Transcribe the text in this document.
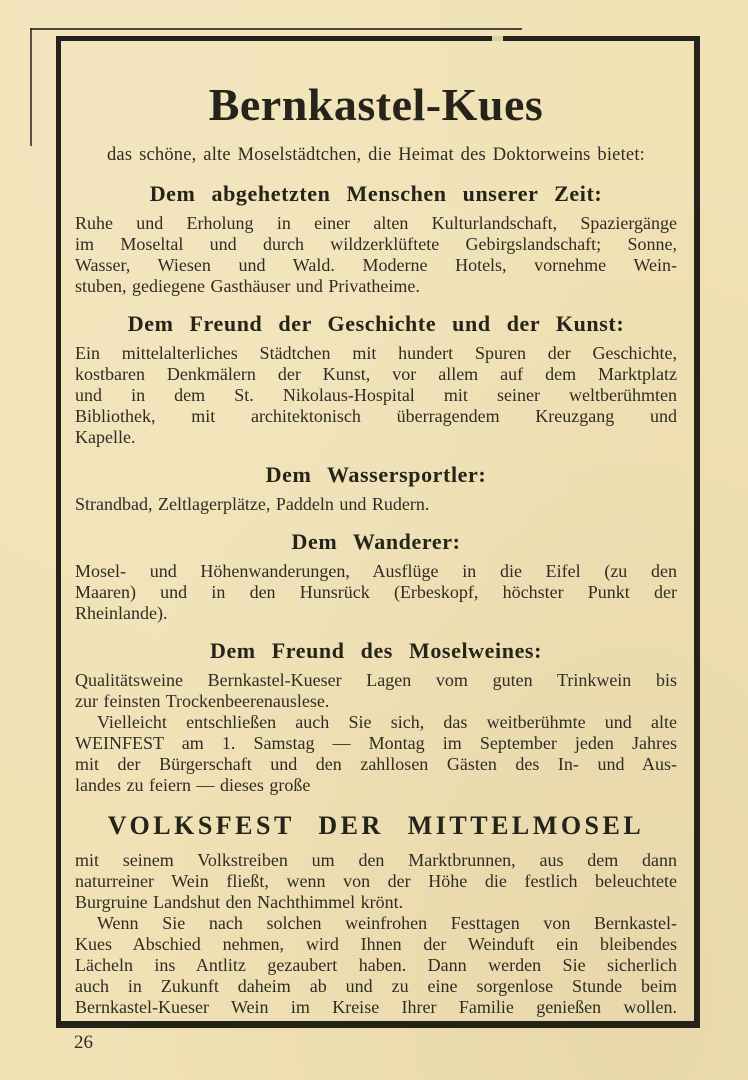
Bernkastel-Kues
das schöne, alte Moselstädtchen, die Heimat des Doktorweins bietet:
Dem abgehetzten Menschen unserer Zeit:
Ruhe und Erholung in einer alten Kulturlandschaft, Spaziergänge
im Moseltal und durch wildzerklüftete Gebirgslandschaft; Sonne,
Wasser, Wiesen und Wald. Moderne Hotels, vornehme Wein-
stuben, gediegene Gasthäuser und Privatheime.
Dem Freund der Geschichte und der Kunst:
Ein mittelalterliches Städtchen mit hundert Spuren der Geschichte,
kostbaren Denkmälern der Kunst, vor allem auf dem Marktplatz
und in dem St. Nikolaus-Hospital mit seiner weltberühmten
Bibliothek, mit architektonisch überragendem Kreuzgang und
Kapelle.
Dem Wassersportler:
Strandbad, Zeltlagerplätze, Paddeln und Rudern.
Dem Wanderer:
Mosel- und Höhenwanderungen, Ausflüge in die Eifel (zu den
Maaren) und in den Hunsrück (Erbeskopf, höchster Punkt der
Rheinlande).
Dem Freund des Moselweines:
Qualitätsweine Bernkastel-Kueser Lagen vom guten Trinkwein bis
zur feinsten Trockenbeerenauslese.
Vielleicht entschließen auch Sie sich, das weitberühmte und alte
WEINFEST am 1. Samstag — Montag im September jeden Jahres
mit der Bürgerschaft und den zahllosen Gästen des In- und Aus-
landes zu feiern — dieses große
VOLKSFEST DER MITTELMOSEL
mit seinem Volkstreiben um den Marktbrunnen, aus dem dann
naturreiner Wein fließt, wenn von der Höhe die festlich beleuchtete
Burgruine Landshut den Nachthimmel krönt.
Wenn Sie nach solchen weinfrohen Festtagen von Bernkastel-
Kues Abschied nehmen, wird Ihnen der Weinduft ein bleibendes
Lächeln ins Antlitz gezaubert haben. Dann werden Sie sicherlich
auch in Zukunft daheim ab und zu eine sorgenlose Stunde beim
Bernkastel-Kueser Wein im Kreise Ihrer Familie genießen wollen.
26
